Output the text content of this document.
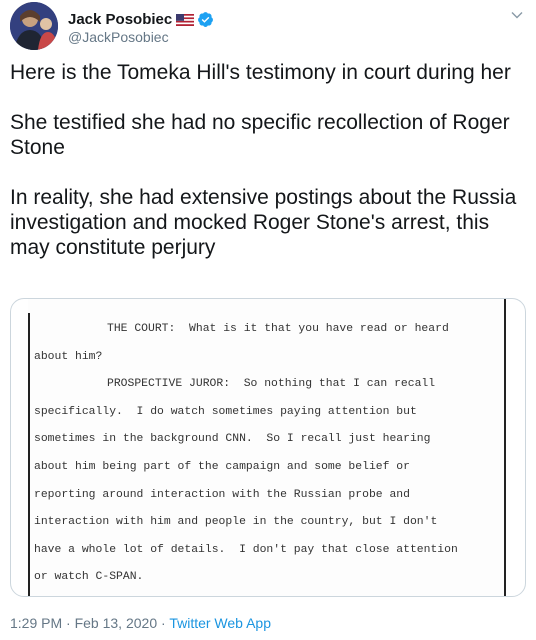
Jack Posobiec
@JackPosobiec

Here is the Tomeka Hill's testimony in court during her

She testified she had no specific recollection of Roger Stone

In reality, she had extensive postings about the Russia investigation and mocked Roger Stone's arrest, this may constitute perjury

THE COURT:  What is it that you have read or heard
about him?
PROSPECTIVE JUROR:  So nothing that I can recall
specifically.  I do watch sometimes paying attention but
sometimes in the background CNN.  So I recall just hearing
about him being part of the campaign and some belief or
reporting around interaction with the Russian probe and
interaction with him and people in the country, but I don't
have a whole lot of details.  I don't pay that close attention
or watch C-SPAN.
1:29 PM · Feb 13, 2020 · Twitter Web App
